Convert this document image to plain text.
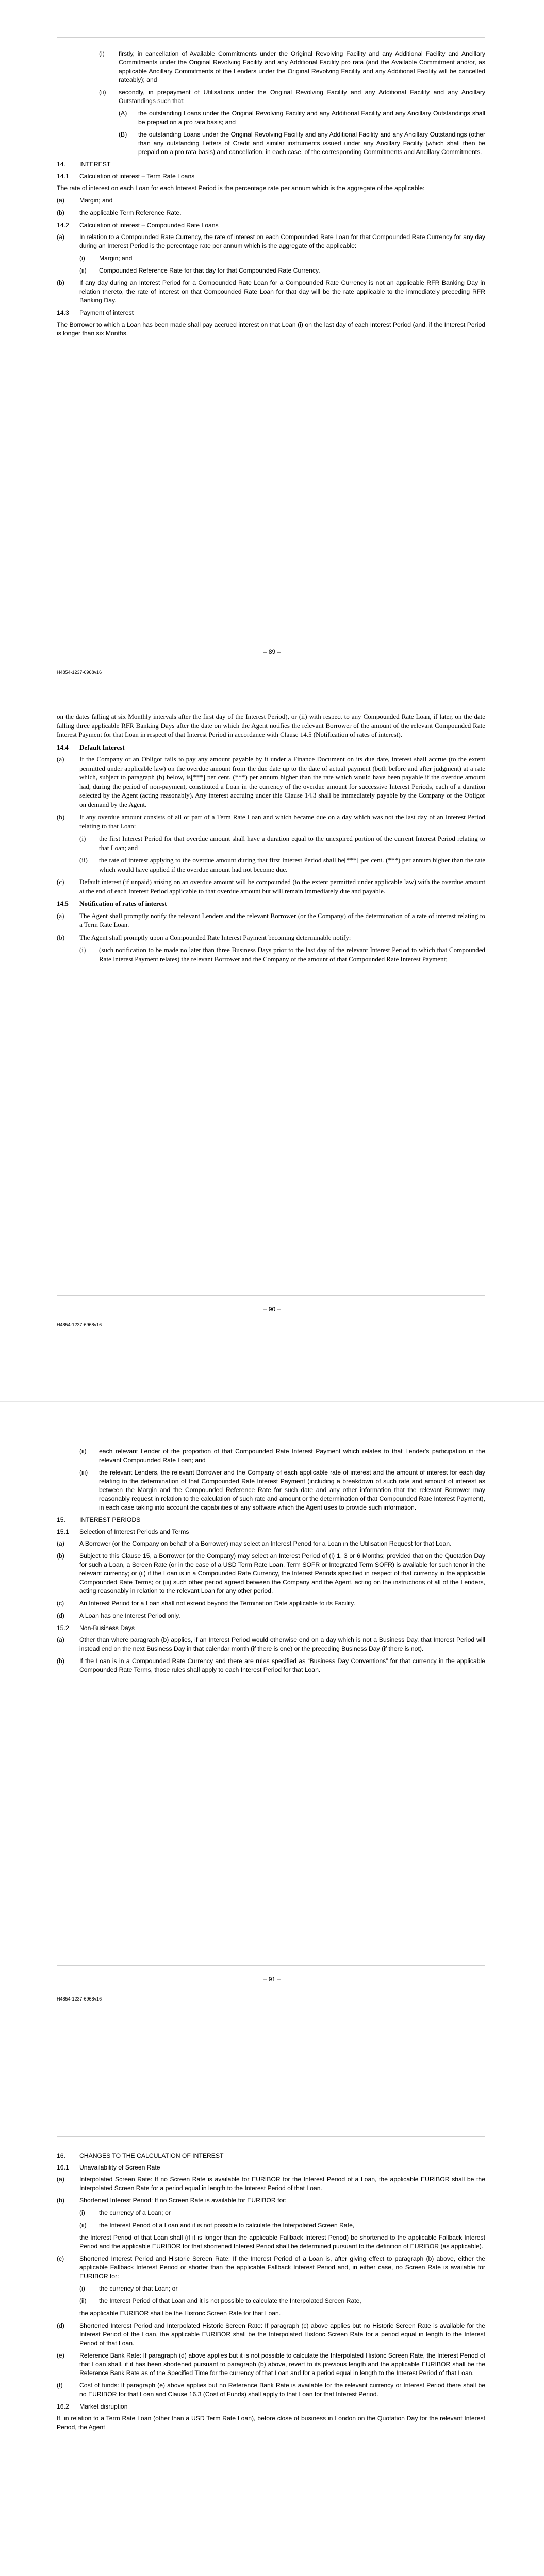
(i)	firstly, in cancellation of Available Commitments under the Original Revolving Facility and any Additional Facility and Ancillary Commitments under the Original Revolving Facility and any Additional Facility pro rata (and the Available Commitment and/or, as applicable Ancillary Commitments of the Lenders under the Original Revolving Facility and any Additional Facility will be cancelled rateably); and
(ii)	secondly, in prepayment of Utilisations under the Original Revolving Facility and any Additional Facility and any Ancillary Outstandings such that:
(A)	the outstanding Loans under the Original Revolving Facility and any Additional Facility and any Ancillary Outstandings shall be prepaid on a pro rata basis; and
(B)	the outstanding Loans under the Original Revolving Facility and any Additional Facility and any Ancillary Outstandings (other than any outstanding Letters of Credit and similar instruments issued under any Ancillary Facility (which shall then be prepaid on a pro rata basis) and cancellation, in each case, of the corresponding Commitments and Ancillary Commitments.
14.	INTEREST
14.1	Calculation of interest – Term Rate Loans

The rate of interest on each Loan for each Interest Period is the percentage rate per annum which is the aggregate of the applicable:

(a)	Margin; and
(b)	the applicable Term Reference Rate.
14.2	Calculation of interest – Compounded Rate Loans
(a)	In relation to a Compounded Rate Currency, the rate of interest on each Compounded Rate Loan for that Compounded Rate Currency for any day during an Interest Period is the percentage rate per annum which is the aggregate of the applicable:
(i)	Margin; and
(ii)	Compounded Reference Rate for that day for that Compounded Rate Currency.
(b)	If any day during an Interest Period for a Compounded Rate Loan for a Compounded Rate Currency is not an applicable RFR Banking Day in relation thereto, the rate of interest on that Compounded Rate Loan for that day will be the rate applicable to the immediately preceding RFR Banking Day.
14.3	Payment of interest

The Borrower to which a Loan has been made shall pay accrued interest on that Loan (i) on the last day of each Interest Period (and, if the Interest Period is longer than six Months,

– 89 –
H4854-1237-6968v16

on the dates falling at six Monthly intervals after the first day of the Interest Period), or (ii) with respect to any Compounded Rate Loan, if later, on the date falling three applicable RFR Banking Days after the date on which the Agent notifies the relevant Borrower of the amount of the relevant Compounded Rate Interest Payment for that Loan in respect of that Interest Period in accordance with Clause 14.5 (Notification of rates of interest).

14.4	Default Interest
(a)	If the Company or an Obligor fails to pay any amount payable by it under a Finance Document on its due date, interest shall accrue (to the extent permitted under applicable law) on the overdue amount from the due date up to the date of actual payment (both before and after judgment) at a rate which, subject to paragraph (b) below, is[***] per cent. (***) per annum higher than the rate which would have been payable if the overdue amount had, during the period of non-payment, constituted a Loan in the currency of the overdue amount for successive Interest Periods, each of a duration selected by the Agent (acting reasonably). Any interest accruing under this Clause 14.3 shall be immediately payable by the Company or the Obligor on demand by the Agent.
(b)	If any overdue amount consists of all or part of a Term Rate Loan and which became due on a day which was not the last day of an Interest Period relating to that Loan:
(i)	the first Interest Period for that overdue amount shall have a duration equal to the unexpired portion of the current Interest Period relating to that Loan; and
(ii)	the rate of interest applying to the overdue amount during that first Interest Period shall be[***] per cent. (***) per annum higher than the rate which would have applied if the overdue amount had not become due.
(c)	Default interest (if unpaid) arising on an overdue amount will be compounded (to the extent permitted under applicable law) with the overdue amount at the end of each Interest Period applicable to that overdue amount but will remain immediately due and payable.
14.5	Notification of rates of interest
(a)	The Agent shall promptly notify the relevant Lenders and the relevant Borrower (or the Company) of the determination of a rate of interest relating to a Term Rate Loan.
(b)	The Agent shall promptly upon a Compounded Rate Interest Payment becoming determinable notify:
(i)	(such notification to be made no later than three Business Days prior to the last day of the relevant Interest Period to which that Compounded Rate Interest Payment relates) the relevant Borrower and the Company of the amount of that Compounded Rate Interest Payment;
– 90 –
H4854-1237-6968v16
(ii)	each relevant Lender of the proportion of that Compounded Rate Interest Payment which relates to that Lender's participation in the relevant Compounded Rate Loan; and
(iii)	the relevant Lenders, the relevant Borrower and the Company of each applicable rate of interest and the amount of interest for each day relating to the determination of that Compounded Rate Interest Payment (including a breakdown of such rate and amount of interest as between the Margin and the Compounded Reference Rate for such date and any other information that the relevant Borrower may reasonably request in relation to the calculation of such rate and amount or the determination of that Compounded Rate Interest Payment), in each case taking into account the capabilities of any software which the Agent uses to provide such information.
15.	INTEREST PERIODS
15.1	Selection of Interest Periods and Terms
(a)	A Borrower (or the Company on behalf of a Borrower) may select an Interest Period for a Loan in the Utilisation Request for that Loan.
(b)	Subject to this Clause 15, a Borrower (or the Company) may select an Interest Period of (i) 1, 3 or 6 Months; provided that on the Quotation Day for such a Loan, a Screen Rate (or in the case of a USD Term Rate Loan, Term SOFR or Integrated Term SOFR) is available for such tenor in the relevant currency; or (ii) if the Loan is in a Compounded Rate Currency, the Interest Periods specified in respect of that currency in the applicable Compounded Rate Terms; or (iii) such other period agreed between the Company and the Agent, acting on the instructions of all of the Lenders, acting reasonably in relation to the relevant Loan for any other period.
(c)	An Interest Period for a Loan shall not extend beyond the Termination Date applicable to its Facility.
(d)	A Loan has one Interest Period only.
15.2	Non-Business Days
(a)	Other than where paragraph (b) applies, if an Interest Period would otherwise end on a day which is not a Business Day, that Interest Period will instead end on the next Business Day in that calendar month (if there is one) or the preceding Business Day (if there is not).
(b)	If the Loan is in a Compounded Rate Currency and there are rules specified as “Business Day Conventions” for that currency in the applicable Compounded Rate Terms, those rules shall apply to each Interest Period for that Loan.
– 91 –
H4854-1237-6968v16
16.	CHANGES TO THE CALCULATION OF INTEREST
16.1	Unavailability of Screen Rate
(a)	Interpolated Screen Rate: If no Screen Rate is available for EURIBOR for the Interest Period of a Loan, the applicable EURIBOR shall be the Interpolated Screen Rate for a period equal in length to the Interest Period of that Loan.
(b)	Shortened Interest Period: If no Screen Rate is available for EURIBOR for:
(i)	the currency of a Loan; or
(ii)	the Interest Period of a Loan and it is not possible to calculate the Interpolated Screen Rate,

the Interest Period of that Loan shall (if it is longer than the applicable Fallback Interest Period) be shortened to the applicable Fallback Interest Period and the applicable EURIBOR for that shortened Interest Period shall be determined pursuant to the definition of EURIBOR (as applicable).

(c)	Shortened Interest Period and Historic Screen Rate: If the Interest Period of a Loan is, after giving effect to paragraph (b) above, either the applicable Fallback Interest Period or shorter than the applicable Fallback Interest Period and, in either case, no Screen Rate is available for EURIBOR for:
(i)	the currency of that Loan; or
(ii)	the Interest Period of that Loan and it is not possible to calculate the Interpolated Screen Rate,

the applicable EURIBOR shall be the Historic Screen Rate for that Loan.

(d)	Shortened Interest Period and Interpolated Historic Screen Rate: If paragraph (c) above applies but no Historic Screen Rate is available for the Interest Period of the Loan, the applicable EURIBOR shall be the Interpolated Historic Screen Rate for a period equal in length to the Interest Period of that Loan.
(e)	Reference Bank Rate: If paragraph (d) above applies but it is not possible to calculate the Interpolated Historic Screen Rate, the Interest Period of that Loan shall, if it has been shortened pursuant to paragraph (b) above, revert to its previous length and the applicable EURIBOR shall be the Reference Bank Rate as of the Specified Time for the currency of that Loan and for a period equal in length to the Interest Period of that Loan.
(f)	Cost of funds: If paragraph (e) above applies but no Reference Bank Rate is available for the relevant currency or Interest Period there shall be no EURIBOR for that Loan and Clause 16.3 (Cost of Funds) shall apply to that Loan for that Interest Period.
16.2	Market disruption

If, in relation to a Term Rate Loan (other than a USD Term Rate Loan), before close of business in London on the Quotation Day for the relevant Interest Period, the Agent
